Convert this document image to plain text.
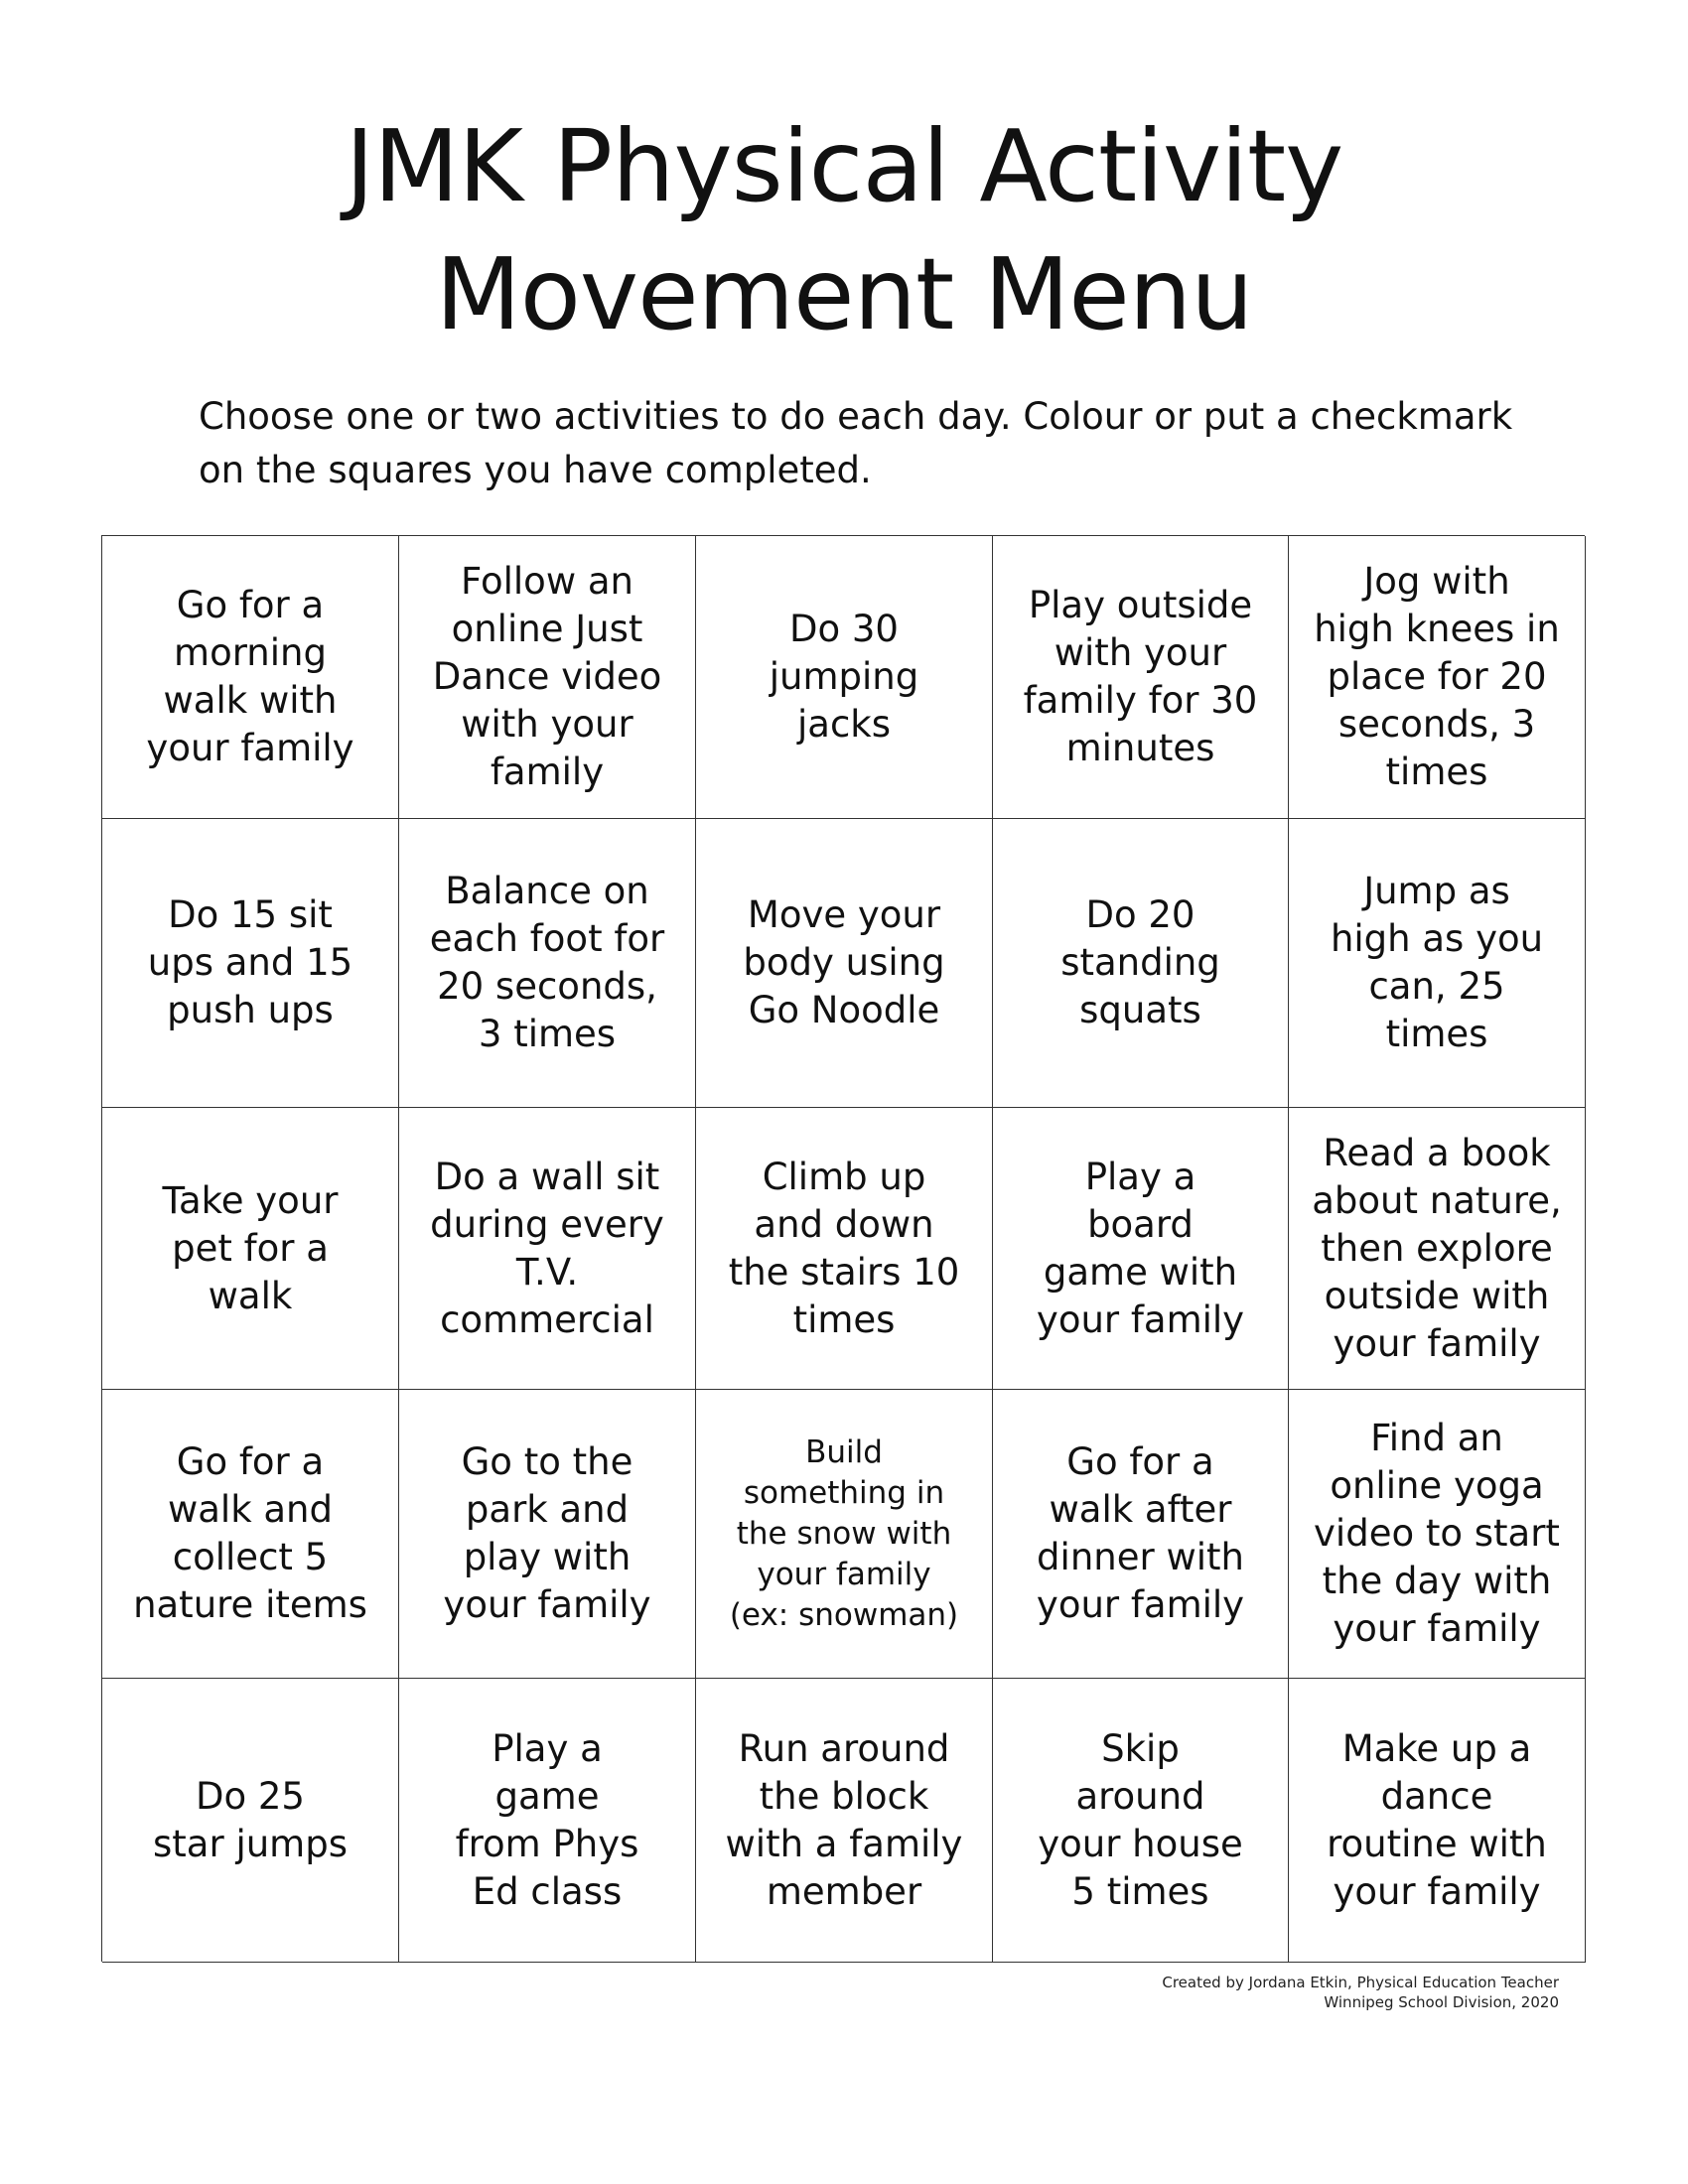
JMK Physical Activity
Movement Menu

Choose one or two activities to do each day. Colour or put a checkmark on the squares you have completed.

Go for a
morning
walk with
your family
Follow an
online Just
Dance video
with your
family
Do 30
jumping
jacks
Play outside
with your
family for 30
minutes
Jog with
high knees in
place for 20
seconds, 3
times
Do 15 sit
ups and 15
push ups
Balance on
each foot for
20 seconds,
3 times
Move your
body using
Go Noodle
Do 20
standing
squats
Jump as
high as you
can, 25
times
Take your
pet for a
walk
Do a wall sit
during every
T.V.
commercial
Climb up
and down
the stairs 10
times
Play a
board
game with
your family
Read a book
about nature,
then explore
outside with
your family
Go for a
walk and
collect 5
nature items
Go to the
park and
play with
your family
Build
something in
the snow with
your family
(ex: snowman)
Go for a
walk after
dinner with
your family
Find an
online yoga
video to start
the day with
your family
Do 25
star jumps
Play a
game
from Phys
Ed class
Run around
the block
with a family
member
Skip
around
your house
5 times
Make up a
dance
routine with
your family
Created by Jordana Etkin, Physical Education Teacher
Winnipeg School Division, 2020
